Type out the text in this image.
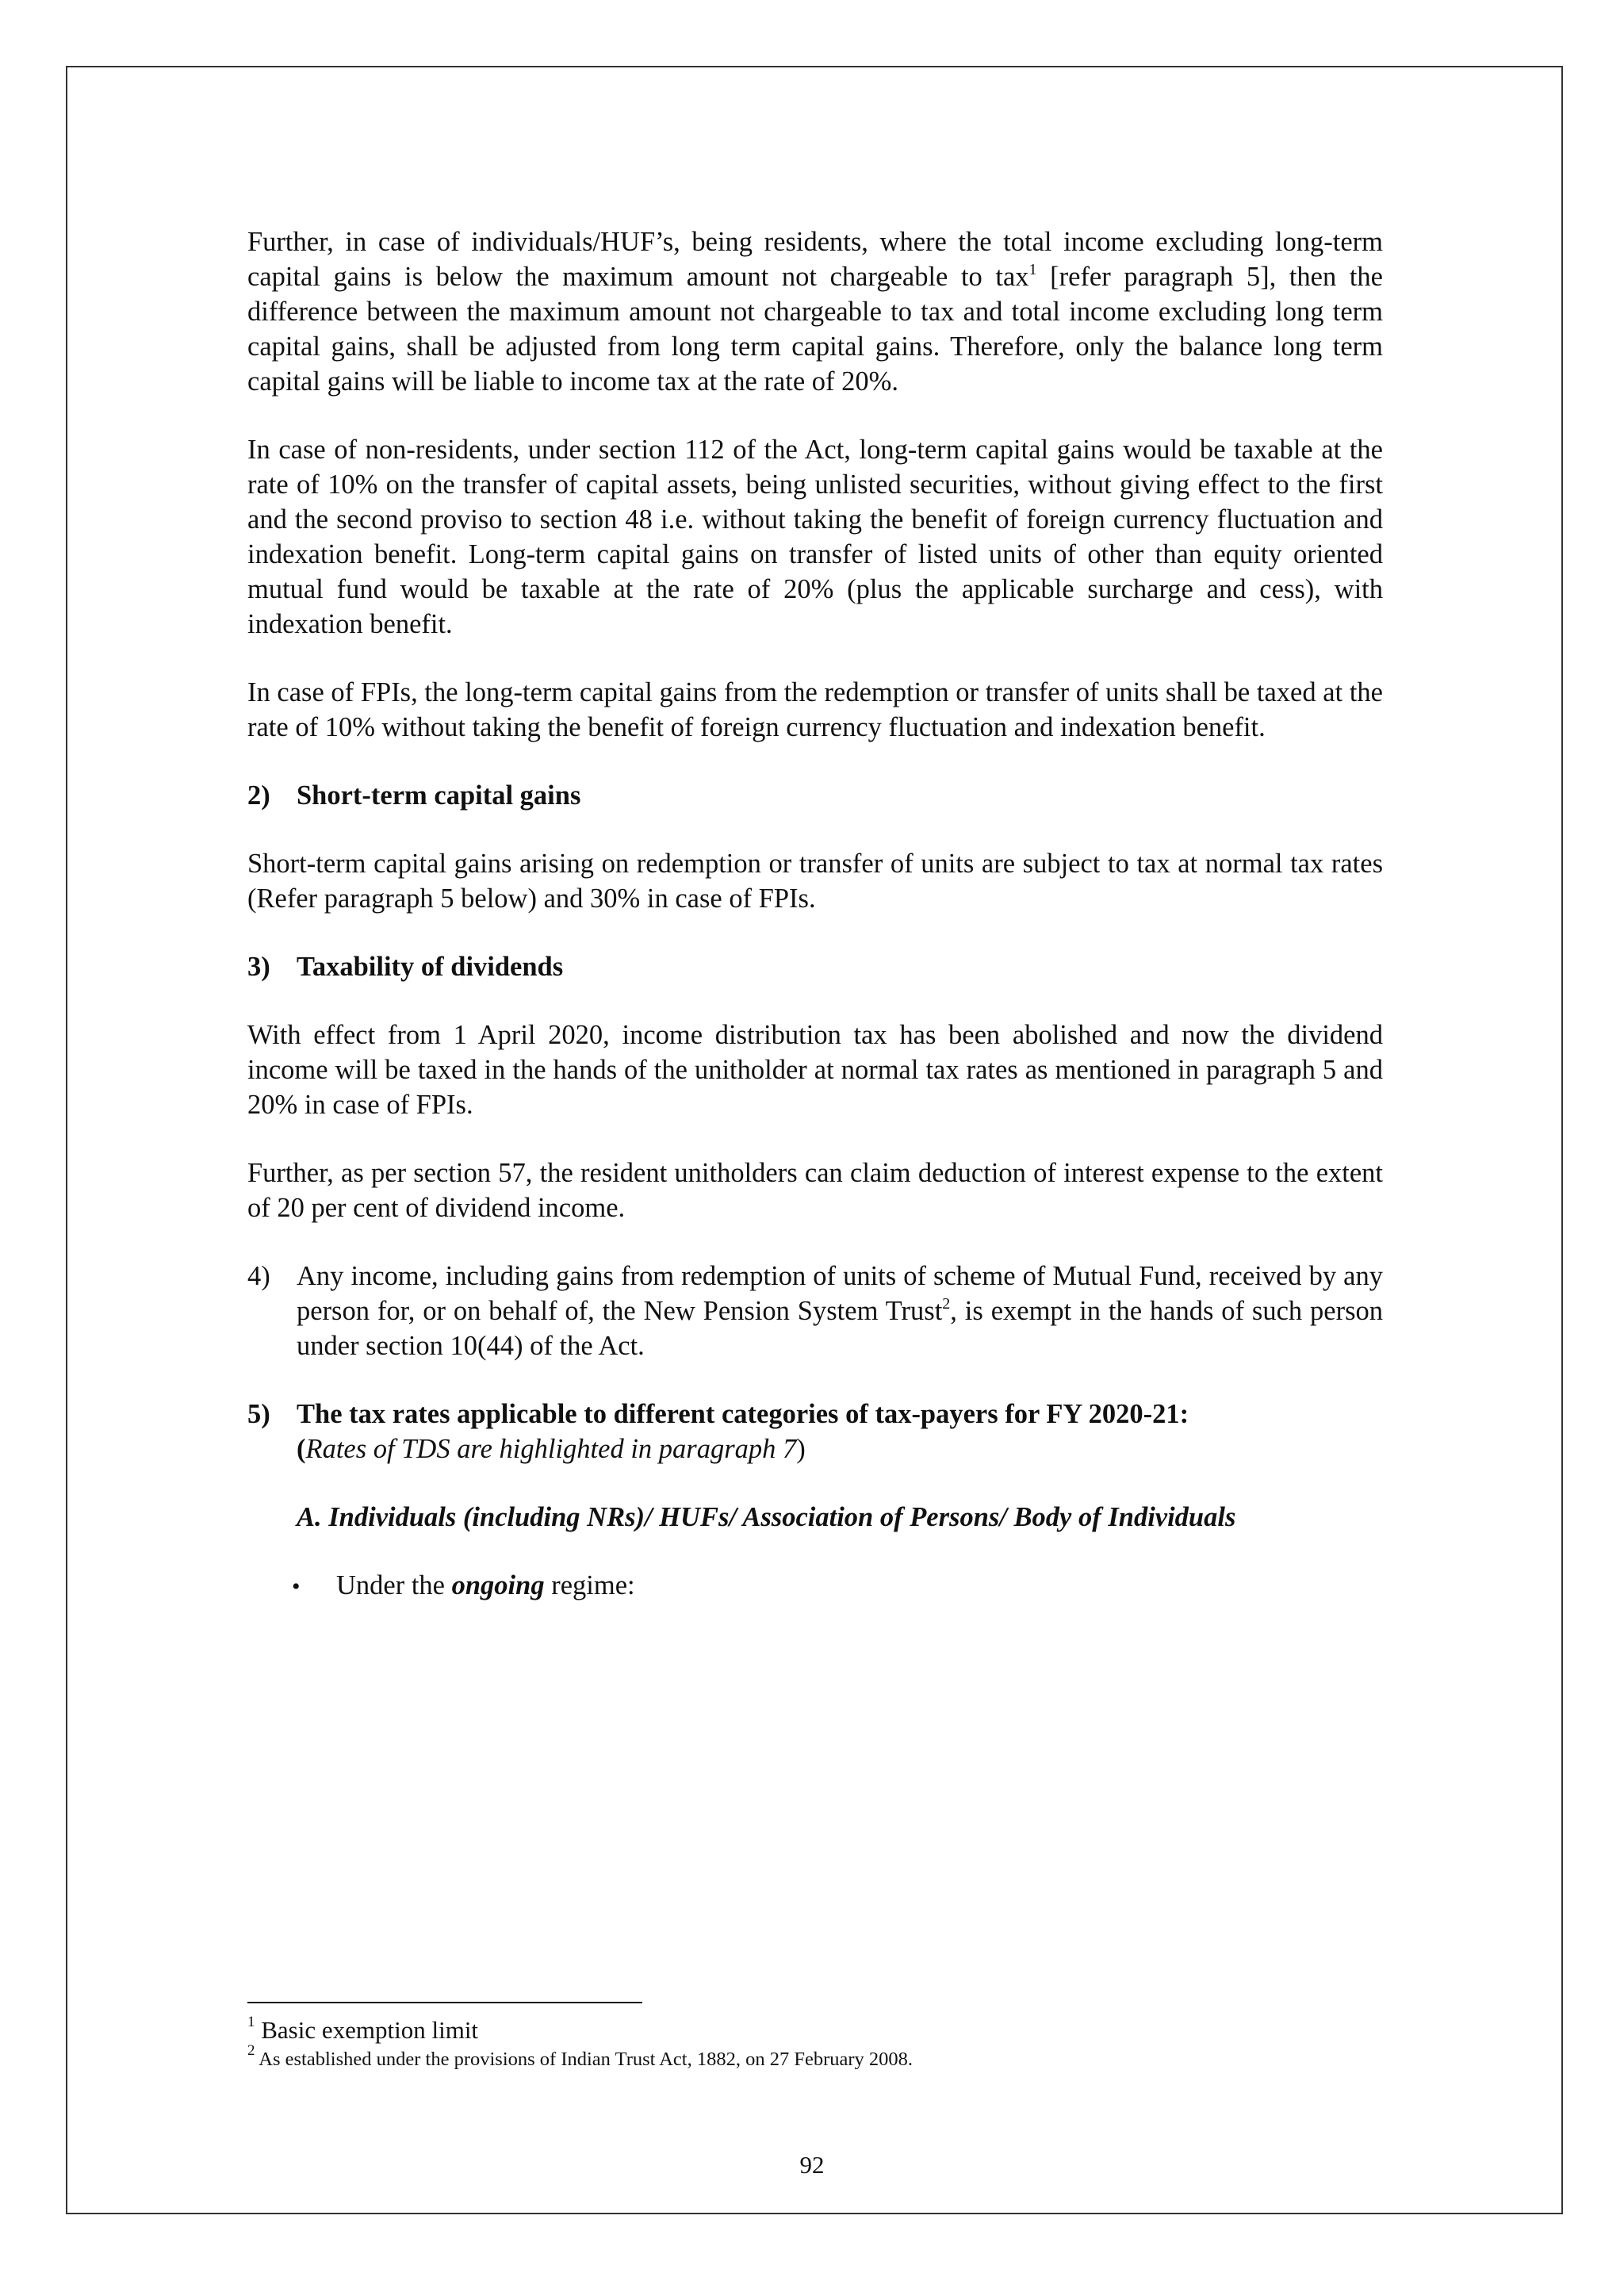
Further, in case of individuals/HUF’s, being residents, where the total income excluding long-term capital gains is below the maximum amount not chargeable to tax$^1$ [refer paragraph 5], then the difference between the maximum amount not chargeable to tax and total income excluding long term capital gains, shall be adjusted from long term capital gains. Therefore, only the balance long term capital gains will be liable to income tax at the rate of 20%.

In case of non-residents, under section 112 of the Act, long-term capital gains would be taxable at the rate of 10% on the transfer of capital assets, being unlisted securities, without giving effect to the first and the second proviso to section 48 i.e. without taking the benefit of foreign currency fluctuation and indexation benefit. Long-term capital gains on transfer of listed units of other than equity oriented mutual fund would be taxable at the rate of 20% (plus the applicable surcharge and cess), with indexation benefit.

In case of FPIs, the long-term capital gains from the redemption or transfer of units shall be taxed at the rate of 10% without taking the benefit of foreign currency fluctuation and indexation benefit.

2) Short-term capital gains

Short-term capital gains arising on redemption or transfer of units are subject to tax at normal tax rates (Refer paragraph 5 below) and 30% in case of FPIs.

3) Taxability of dividends

With effect from 1 April 2020, income distribution tax has been abolished and now the dividend income will be taxed in the hands of the unitholder at normal tax rates as mentioned in paragraph 5 and 20% in case of FPIs.

Further, as per section 57, the resident unitholders can claim deduction of interest expense to the extent of 20 per cent of dividend income.

4) Any income, including gains from redemption of units of scheme of Mutual Fund, received by any person for, or on behalf of, the New Pension System Trust$^2$, is exempt in the hands of such person under section 10(44) of the Act.
5) The tax rates applicable to different categories of tax-payers for FY 2020-21:
(Rates of TDS are highlighted in paragraph 7)
A. Individuals (including NRs)/ HUFs/ Association of Persons/ Body of Individuals
•	Under the ongoing regime:
$^1$ Basic exemption limit
$^2$ As established under the provisions of Indian Trust Act, 1882, on 27 February 2008.
92
